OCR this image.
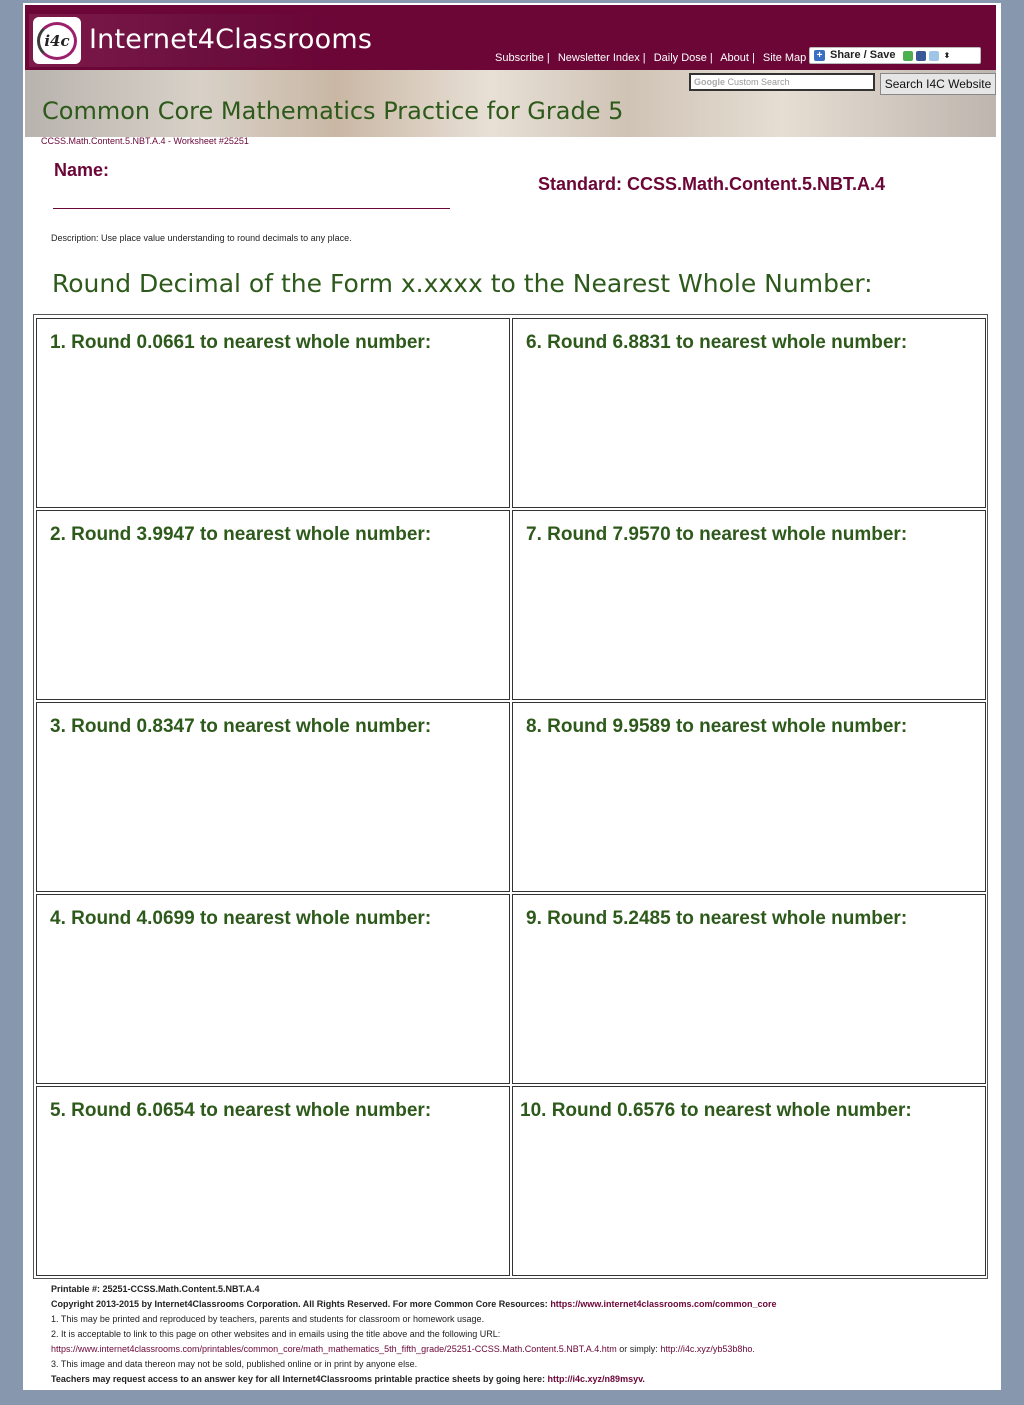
i4c Internet4Classrooms
Subscribe | Newsletter Index | Daily Dose | About | Site Map + Share / Save	⬍
Common Core Mathematics Practice for Grade 5
Google Custom Search	Search I4C Website
CCSS.Math.Content.5.NBT.A.4 - Worksheet #25251
Name:
Standard: CCSS.Math.Content.5.NBT.A.4
Description: Use place value understanding to round decimals to any place.
Round Decimal of the Form x.xxxx to the Nearest Whole Number:
1. Round 0.0661 to nearest whole number:
2. Round 3.9947 to nearest whole number:
3. Round 0.8347 to nearest whole number:
4. Round 4.0699 to nearest whole number:
5. Round 6.0654 to nearest whole number:
6. Round 6.8831 to nearest whole number:
7. Round 7.9570 to nearest whole number:
8. Round 9.9589 to nearest whole number:
9. Round 5.2485 to nearest whole number:
10. Round 0.6576 to nearest whole number:
Printable #: 25251-CCSS.Math.Content.5.NBT.A.4
Copyright 2013-2015 by Internet4Classrooms Corporation. All Rights Reserved. For more Common Core Resources: https://www.internet4classrooms.com/common_core
1. This may be printed and reproduced by teachers, parents and students for classroom or homework usage.
2. It is acceptable to link to this page on other websites and in emails using the title above and the following URL:
https://www.internet4classrooms.com/printables/common_core/math_mathematics_5th_fifth_grade/25251-CCSS.Math.Content.5.NBT.A.4.htm or simply: http://i4c.xyz/yb53b8ho.
3. This image and data thereon may not be sold, published online or in print by anyone else.
Teachers may request access to an answer key for all Internet4Classrooms printable practice sheets by going here: http://i4c.xyz/n89msyv.
